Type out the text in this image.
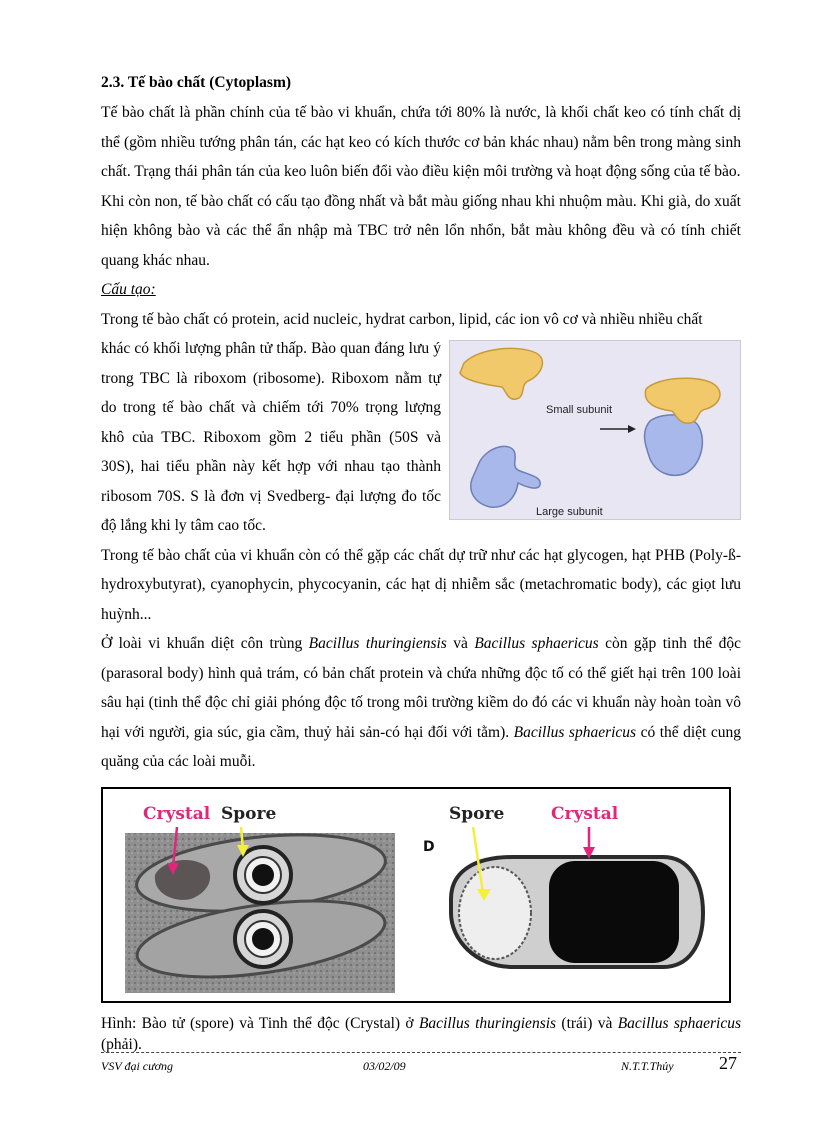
2.3. Tế bào chất (Cytoplasm)

Tế bào chất là phần chính của tế bào vi khuẩn, chứa tới 80% là nước, là khối chất keo có tính chất dị thể (gồm nhiều tướng phân tán, các hạt keo có kích thước cơ bản khác nhau) nằm bên trong màng sinh chất. Trạng thái phân tán của keo luôn biến đổi vào điều kiện môi trường và hoạt động sống của tế bào.

Khi còn non, tế bào chất có cấu tạo đồng nhất và bắt màu giống nhau khi nhuộm màu. Khi già, do xuất hiện không bào và các thể ẩn nhập mà TBC trở nên lổn nhổn, bắt màu không đều và có tính chiết quang khác nhau.

Cấu tạo:

Trong tế bào chất có protein, acid nucleic, hydrat carbon, lipid, các ion vô cơ và nhiều nhiều chất

Small subunit
Large subunit

khác có khối lượng phân tử thấp. Bào quan đáng lưu ý trong TBC là riboxom (ribosome). Riboxom nằm tự do trong tế bào chất và chiếm tới 70% trọng lượng khô của TBC. Riboxom gồm 2 tiểu phần (50S và 30S), hai tiểu phần này kết hợp với nhau tạo thành ribosom 70S. S là đơn vị Svedberg- đại lượng đo tốc độ lắng khi ly tâm cao tốc.

Trong tế bào chất của vi khuẩn còn có thể gặp các chất dự trữ như các hạt glycogen, hạt PHB (Poly-ß-hydroxybutyrat), cyanophycin, phycocyanin, các hạt dị nhiễm sắc (metachromatic body), các giọt lưu huỳnh...

Ở loài vi khuẩn diệt côn trùng Bacillus thuringiensis và Bacillus sphaericus còn gặp tinh thể độc (parasoral body) hình quả trám, có bản chất protein và chứa những độc tố có thể giết hại trên 100 loài sâu hại (tinh thể độc chỉ giải phóng độc tố trong môi trường kiềm do đó các vi khuẩn này hoàn toàn vô hại với người, gia súc, gia cầm, thuỷ hải sản-có hại đối với tằm). Bacillus sphaericus có thể diệt cung quăng của các loài muỗi.

Crystal Spore
D
Spore	Crystal
Hình: Bào tử (spore) và Tinh thể độc (Crystal) ở Bacillus thuringiensis (trái) và Bacillus sphaericus (phải).
VSV đại cương	03/02/09	N.T.T.Thủy	27
